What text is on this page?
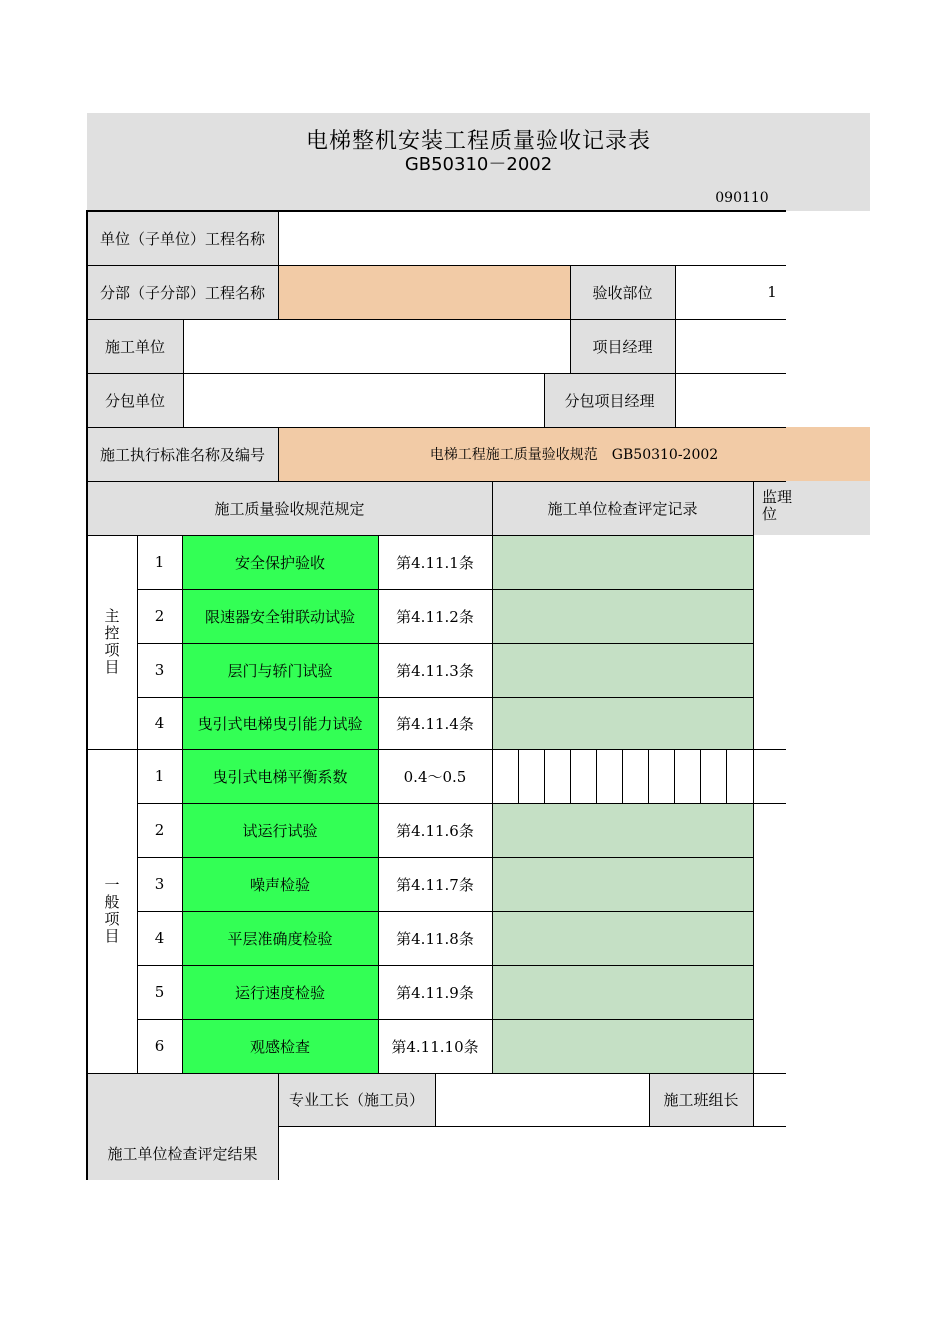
电梯整机安装工程质量验收记录表
GB50310－2002
090110
单位（子单位）工程名称
分部（子分部）工程名称	验收部位	1
施工单位	项目经理
分包单位	分包项目经理
施工执行标准名称及编号	电梯工程施工质量验收规范　GB50310-2002
施工质量验收规范规定	施工单位检查评定记录
监理
位
主控项目
一般项目
1	安全保护验收	第4.11.1条
2	限速器安全钳联动试验	第4.11.2条
3	层门与轿门试验	第4.11.3条
4	曳引式电梯曳引能力试验	第4.11.4条
1	曳引式电梯平衡系数	0.4～0.5
2	试运行试验	第4.11.6条
3	噪声检验	第4.11.7条
4	平层准确度检验	第4.11.8条
5	运行速度检验	第4.11.9条
6	观感检查	第4.11.10条
专业工长（施工员）	施工班组长
施工单位检查评定结果
